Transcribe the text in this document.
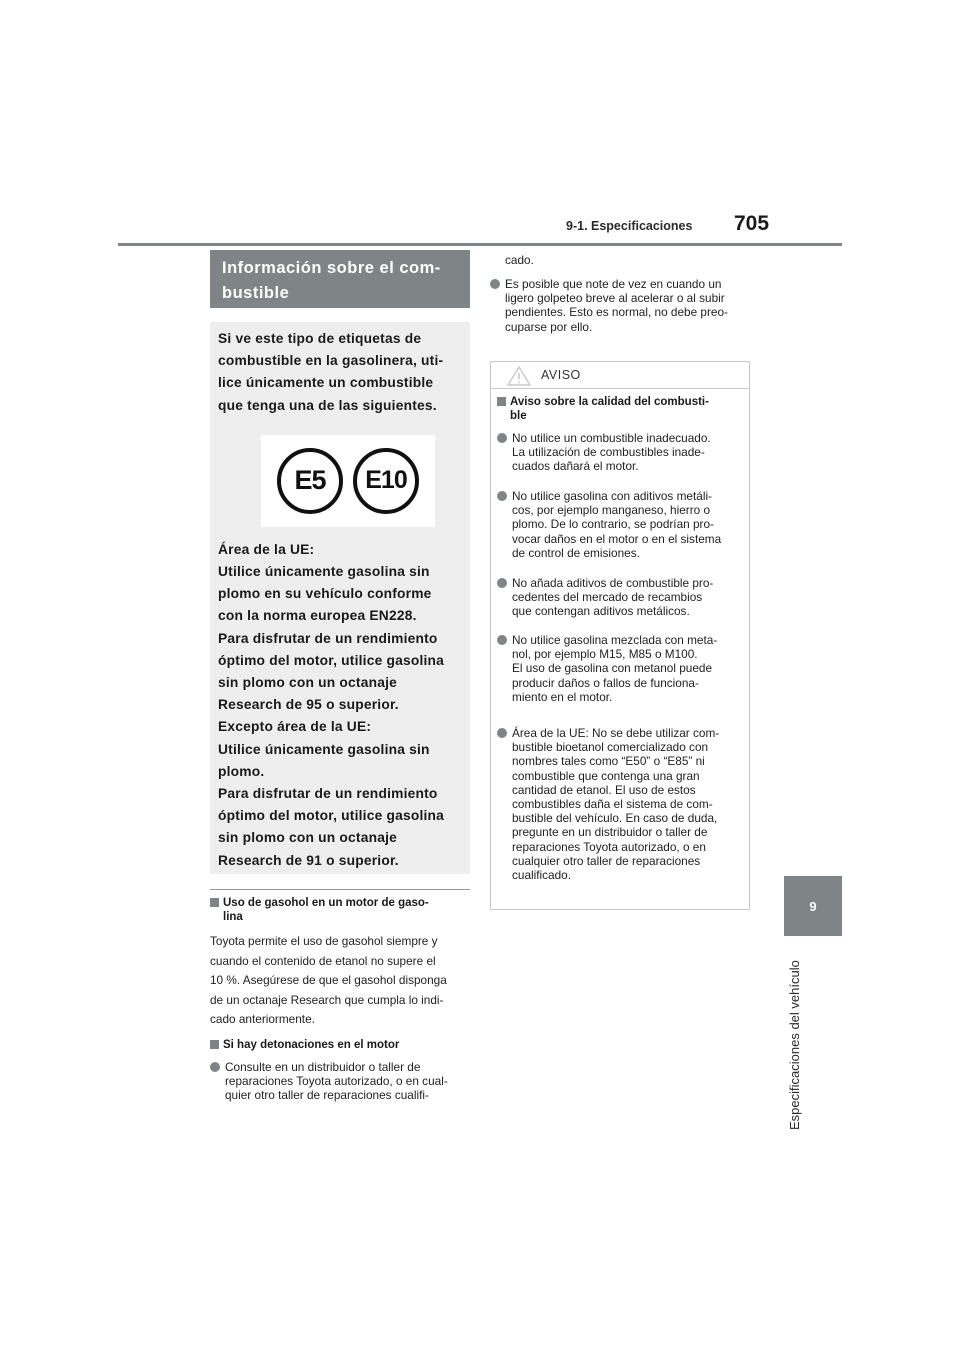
9-1. Especificaciones 705
9
Especificaciones del vehículo
Información sobre el com-
bustible

Si ve este tipo de etiquetas de
combustible en la gasolinera, uti-
lice únicamente un combustible
que tenga una de las siguientes.

E5	E10

Área de la UE:

Utilice únicamente gasolina sin
plomo en su vehículo conforme
con la norma europea EN228.

Para disfrutar de un rendimiento
óptimo del motor, utilice gasolina
sin plomo con un octanaje
Research de 95 o superior.

Excepto área de la UE:

Utilice únicamente gasolina sin
plomo.

Para disfrutar de un rendimiento
óptimo del motor, utilice gasolina
sin plomo con un octanaje
Research de 91 o superior.

Uso de gasohol en un motor de gaso-
lina
Toyota permite el uso de gasohol siempre y
cuando el contenido de etanol no supere el
10 %. Asegúrese de que el gasohol disponga
de un octanaje Research que cumpla lo indi-
cado anteriormente.
Si hay detonaciones en el motor
Consulte en un distribuidor o taller de
reparaciones Toyota autorizado, o en cual-
quier otro taller de reparaciones cualifi-
cado.
Es posible que note de vez en cuando un
ligero golpeteo breve al acelerar o al subir
pendientes. Esto es normal, no debe preo-
cuparse por ello.
AVISO
Aviso sobre la calidad del combusti-
ble
No utilice un combustible inadecuado.
La utilización de combustibles inade-
cuados dañará el motor.
No utilice gasolina con aditivos metáli-
cos, por ejemplo manganeso, hierro o
plomo. De lo contrario, se podrían pro-
vocar daños en el motor o en el sistema
de control de emisiones.
No añada aditivos de combustible pro-
cedentes del mercado de recambios
que contengan aditivos metálicos.
No utilice gasolina mezclada con meta-
nol, por ejemplo M15, M85 o M100.
El uso de gasolina con metanol puede
producir daños o fallos de funciona-
miento en el motor.
Área de la UE: No se debe utilizar com-
bustible bioetanol comercializado con
nombres tales como “E50” o “E85” ni
combustible que contenga una gran
cantidad de etanol. El uso de estos
combustibles daña el sistema de com-
bustible del vehículo. En caso de duda,
pregunte en un distribuidor o taller de
reparaciones Toyota autorizado, o en
cualquier otro taller de reparaciones
cualificado.
